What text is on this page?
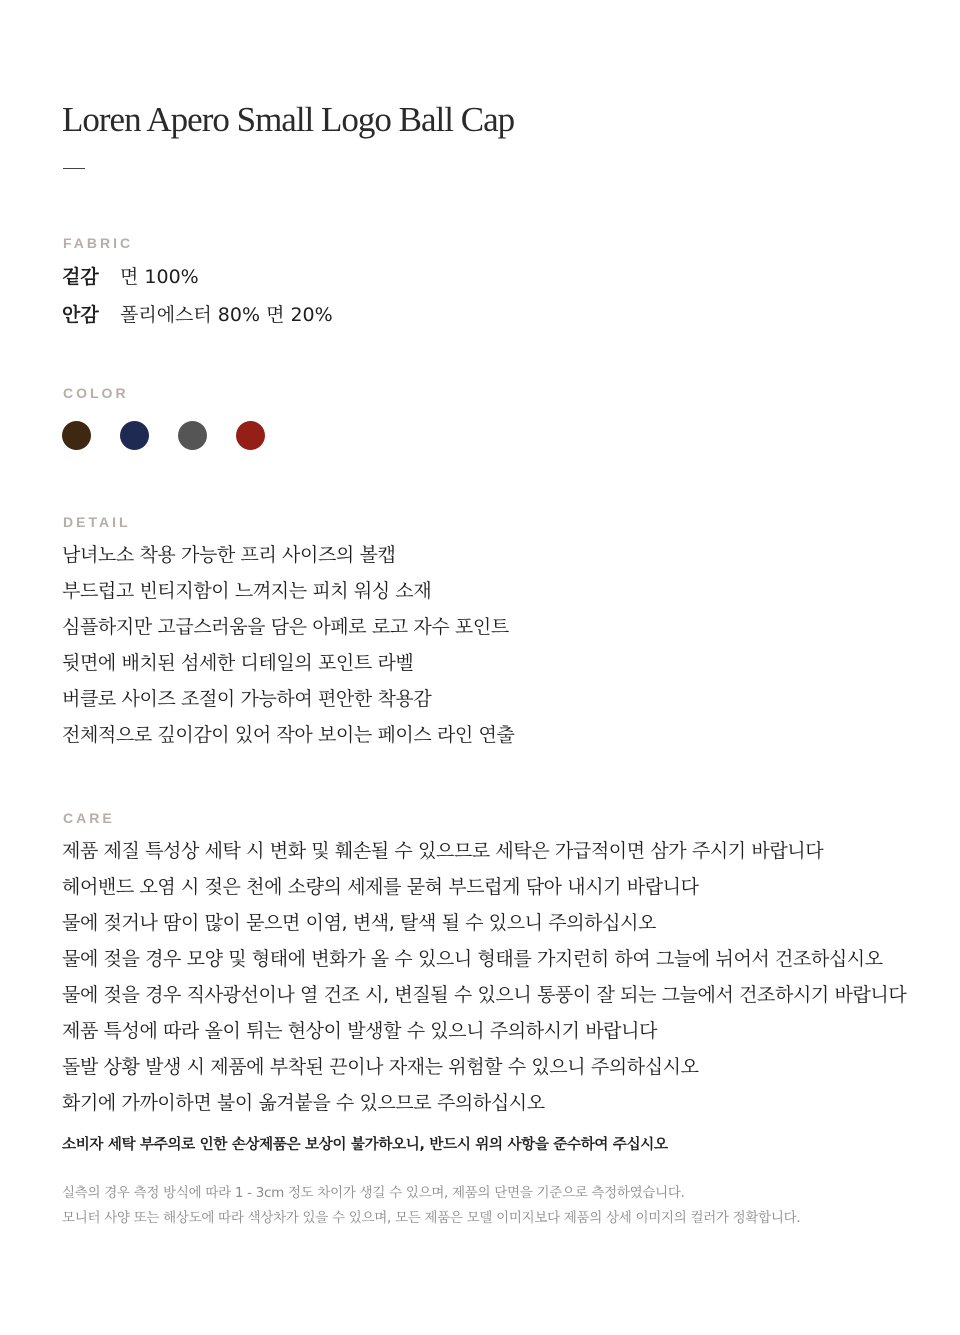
Loren Apero Small Logo Ball Cap
FABRIC
겉감 면 100%
안감 폴리에스터 80% 면 20%
COLOR
DETAIL
남녀노소 착용 가능한 프리 사이즈의 볼캡
부드럽고 빈티지함이 느껴지는 피치 워싱 소재
심플하지만 고급스러움을 담은 아페로 로고 자수 포인트
뒷면에 배치된 섬세한 디테일의 포인트 라벨
버클로 사이즈 조절이 가능하여 편안한 착용감
전체적으로 깊이감이 있어 작아 보이는 페이스 라인 연출
CARE
제품 제질 특성상 세탁 시 변화 및 훼손될 수 있으므로 세탁은 가급적이면 삼가 주시기 바랍니다
헤어밴드 오염 시 젖은 천에 소량의 세제를 묻혀 부드럽게 닦아 내시기 바랍니다
물에 젖거나 땀이 많이 묻으면 이염, 변색, 탈색 될 수 있으니 주의하십시오
물에 젖을 경우 모양 및 형태에 변화가 올 수 있으니 형태를 가지런히 하여 그늘에 뉘어서 건조하십시오
물에 젖을 경우 직사광선이나 열 건조 시, 변질될 수 있으니 통풍이 잘 되는 그늘에서 건조하시기 바랍니다
제품 특성에 따라 올이 튀는 현상이 발생할 수 있으니 주의하시기 바랍니다
돌발 상황 발생 시 제품에 부착된 끈이나 자재는 위험할 수 있으니 주의하십시오
화기에 가까이하면 불이 옮겨붙을 수 있으므로 주의하십시오
소비자 세탁 부주의로 인한 손상제품은 보상이 불가하오니, 반드시 위의 사항을 준수하여 주십시오
실측의 경우 측정 방식에 따라 1 - 3cm 정도 차이가 생길 수 있으며, 제품의 단면을 기준으로 측정하였습니다.
모니터 사양 또는 해상도에 따라 색상차가 있을 수 있으며, 모든 제품은 모델 이미지보다 제품의 상세 이미지의 컬러가 정확합니다.
